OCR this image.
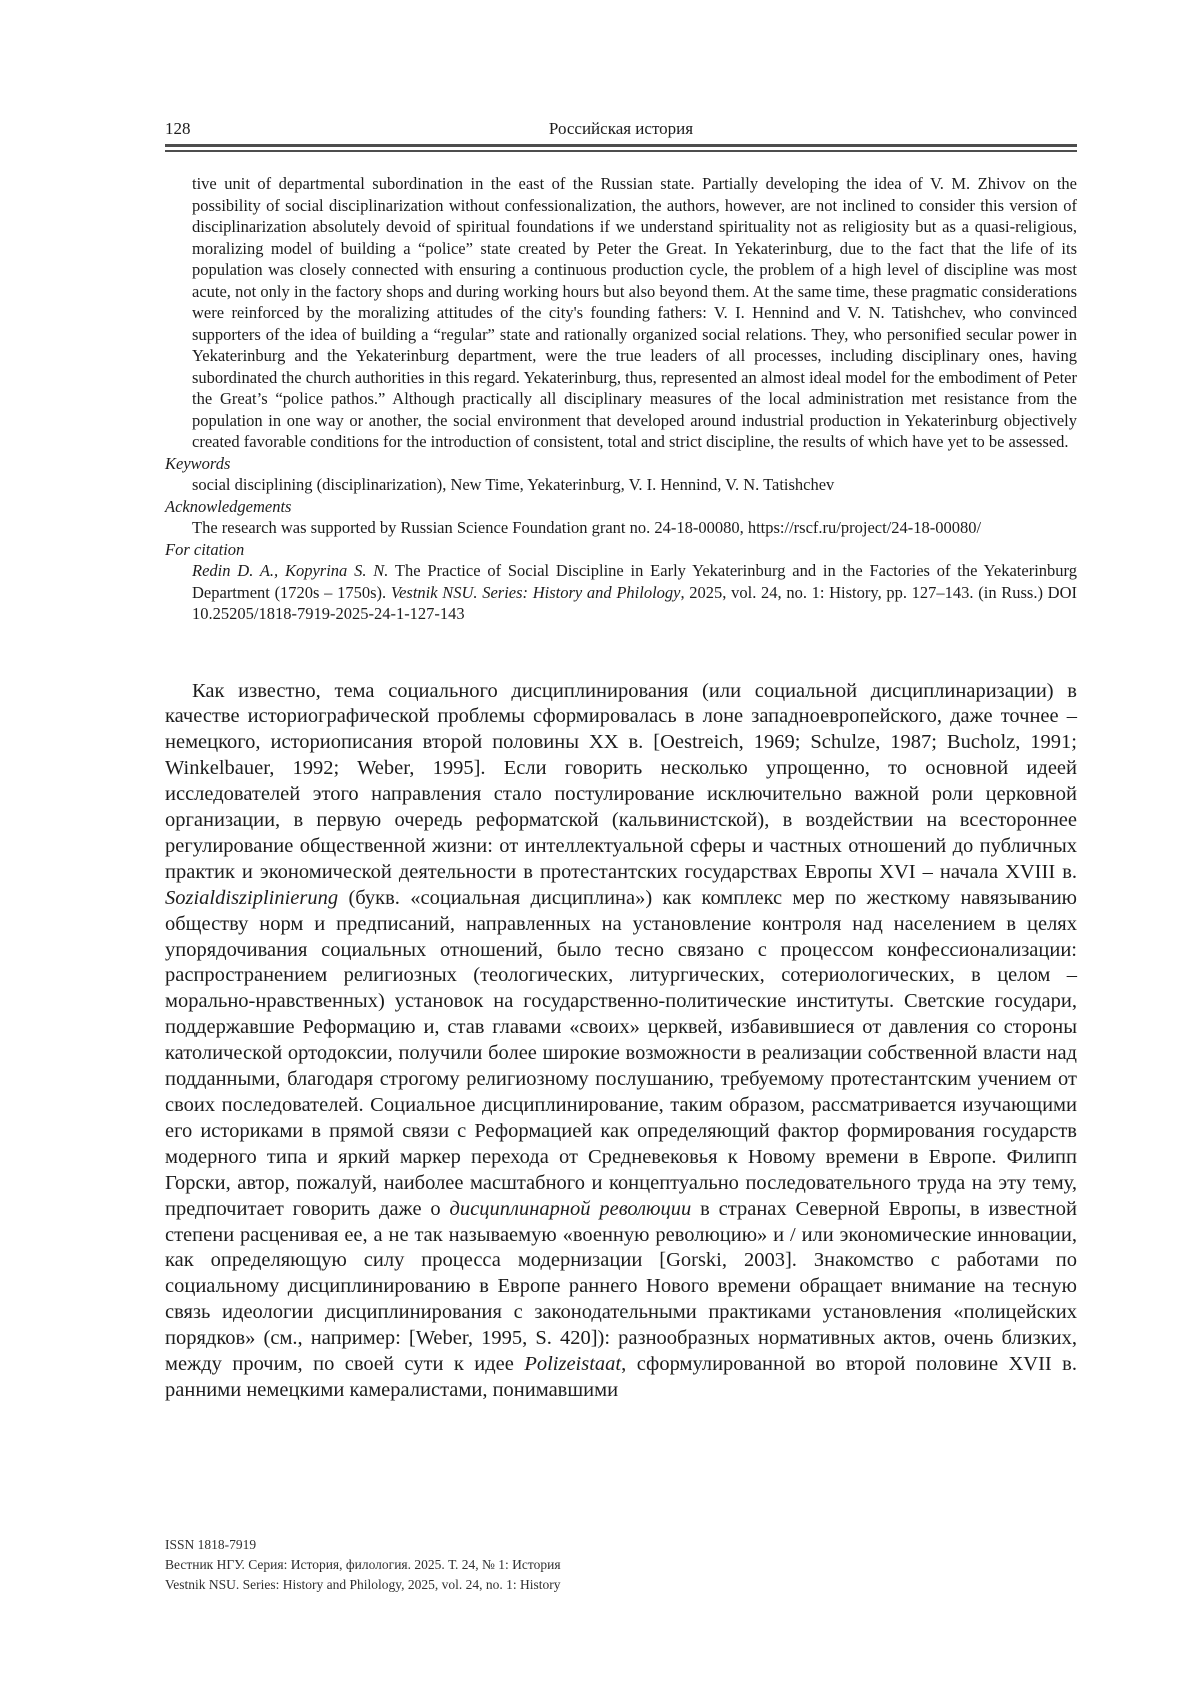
128	Российская история

tive unit of departmental subordination in the east of the Russian state. Partially developing the idea of V. M. Zhivov on the possibility of social disciplinarization without confessionalization, the authors, however, are not inclined to consider this version of disciplinarization absolutely devoid of spiritual foundations if we understand spirituality not as religiosity but as a quasi-religious, moralizing model of building a “police” state created by Peter the Great. In Yekaterinburg, due to the fact that the life of its population was closely connected with ensuring a continuous production cycle, the problem of a high level of discipline was most acute, not only in the factory shops and during working hours but also beyond them. At the same time, these pragmatic considerations were reinforced by the moralizing attitudes of the city's founding fathers: V. I. Hennind and V. N. Tatishchev, who convinced supporters of the idea of building a “regular” state and rationally organized social relations. They, who personified secular power in Yekaterinburg and the Yekaterinburg department, were the true leaders of all processes, including disciplinary ones, having subordinated the church authorities in this regard. Yekaterinburg, thus, represented an almost ideal model for the embodiment of Peter the Great’s “police pathos.” Although practically all disciplinary measures of the local administration met resistance from the population in one way or another, the social environment that developed around industrial production in Yekaterinburg objectively created favorable conditions for the introduction of consistent, total and strict discipline, the results of which have yet to be assessed.

Keywords

social disciplining (disciplinarization), New Time, Yekaterinburg, V. I. Hennind, V. N. Tatishchev

Acknowledgements

The research was supported by Russian Science Foundation grant no. 24-18-00080, https://rscf.ru/project/24-18-00080/

For citation

Redin D. A., Kopyrina S. N. The Practice of Social Discipline in Early Yekaterinburg and in the Factories of the Yekaterinburg Department (1720s – 1750s). Vestnik NSU. Series: History and Philology, 2025, vol. 24, no. 1: History, pp. 127–143. (in Russ.) DOI 10.25205/1818-7919-2025-24-1-127-143

Как известно, тема социального дисциплинирования (или социальной дисциплинаризации) в качестве историографической проблемы сформировалась в лоне западноевропейского, даже точнее – немецкого, историописания второй половины XX в. [Oestreich, 1969; Schulze, 1987; Bucholz, 1991; Winkelbauer, 1992; Weber, 1995]. Если говорить несколько упрощенно, то основной идеей исследователей этого направления стало постулирование исключительно важной роли церковной организации, в первую очередь реформатской (кальвинистской), в воздействии на всестороннее регулирование общественной жизни: от интеллектуальной сферы и частных отношений до публичных практик и экономической деятельности в протестантских государствах Европы XVI – начала XVIII в. Sozialdisziplinierung (букв. «социальная дисциплина») как комплекс мер по жесткому навязыванию обществу норм и предписаний, направленных на установление контроля над населением в целях упорядочивания социальных отношений, было тесно связано с процессом конфессионализации: распространением религиозных (теологических, литургических, сотериологических, в целом – морально-нравственных) установок на государственно-политические институты. Светские государи, поддержавшие Реформацию и, став главами «своих» церквей, избавившиеся от давления со стороны католической ортодоксии, получили более широкие возможности в реализации собственной власти над подданными, благодаря строгому религиозному послушанию, требуемому протестантским учением от своих последователей. Социальное дисциплинирование, таким образом, рассматривается изучающими его историками в прямой связи с Реформацией как определяющий фактор формирования государств модерного типа и яркий маркер перехода от Средневековья к Новому времени в Европе. Филипп Горски, автор, пожалуй, наиболее масштабного и концептуально последовательного труда на эту тему, предпочитает говорить даже о дисциплинарной революции в странах Северной Европы, в известной степени расценивая ее, а не так называемую «военную революцию» и / или экономические инновации, как определяющую силу процесса модернизации [Gorski, 2003]. Знакомство с работами по социальному дисциплинированию в Европе раннего Нового времени обращает внимание на тесную связь идеологии дисциплинирования с законодательными практиками установления «полицейских порядков» (см., например: [Weber, 1995, S. 420]): разнообразных нормативных актов, очень близких, между прочим, по своей сути к идее Polizeistaat, сформулированной во второй половине XVII в. ранними немецкими камералистами, понимавшими

ISSN 1818-7919
Вестник НГУ. Серия: История, филология. 2025. Т. 24, № 1: История
Vestnik NSU. Series: History and Philology, 2025, vol. 24, no. 1: History
